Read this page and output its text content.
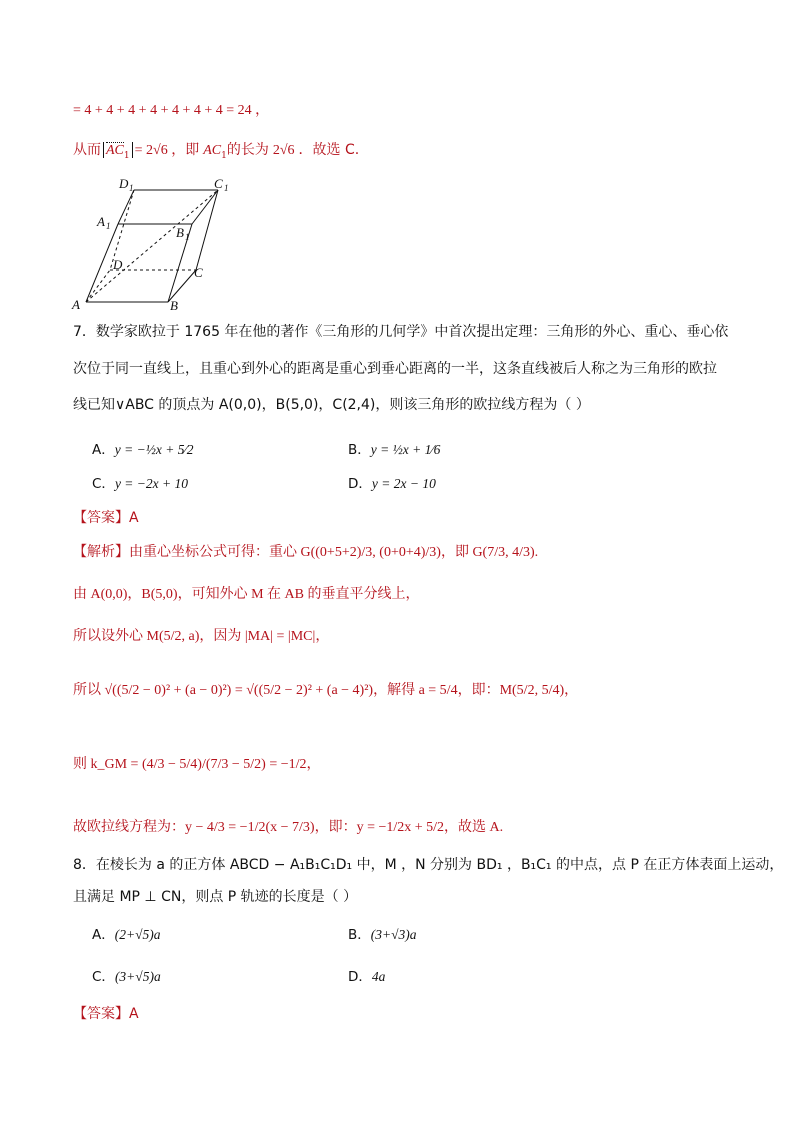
= 4 + 4 + 4 + 4 + 4 + 4 + 4 = 24 ，
从而 $AC_1 = 2√6$ ，即 $AC_1$的长为 2√6 ．故选 C.
D 1	C 1
A 1	B 1
D
C
A	B
7．数学家欧拉于 1765 年在他的著作《三角形的几何学》中首次提出定理：三角形的外心、重心、垂心依
次位于同一直线上，且重心到外心的距离是重心到垂心距离的一半，这条直线被后人称之为三角形的欧拉
线已知∨ABC 的顶点为 A(0,0)，B(5,0)，C(2,4)，则该三角形的欧拉线方程为（ ）
A．y = −½x + 5⁄2	B．y = ½x + 1⁄6
C．y = −2x + 10	D．y = 2x − 10
【答案】A
【解析】由重心坐标公式可得：重心 G((0+5+2)/3, (0+0+4)/3)，即 G(7/3, 4/3).
由 A(0,0)，B(5,0)，可知外心 M 在 AB 的垂直平分线上，
所以设外心 M(5/2, a)，因为 |MA| = |MC|，
所以 √((5/2 − 0)² + (a − 0)²) = √((5/2 − 2)² + (a − 4)²)，解得 a = 5/4，即：M(5/2, 5/4)，
则 k_GM = (4/3 − 5/4)/(7/3 − 5/2) = −1/2，
故欧拉线方程为：y − 4/3 = −1/2(x − 7/3)，即：y = −1/2x + 5/2，故选 A.
8．在棱长为 a 的正方体 ABCD − A₁B₁C₁D₁ 中，M ，N 分别为 BD₁ ，B₁C₁ 的中点，点 P 在正方体表面上运动，
且满足 MP ⊥ CN，则点 P 轨迹的长度是（ ）
A．(2+√5)a	B．(3+√3)a
C．(3+√5)a	D．4a
【答案】A
